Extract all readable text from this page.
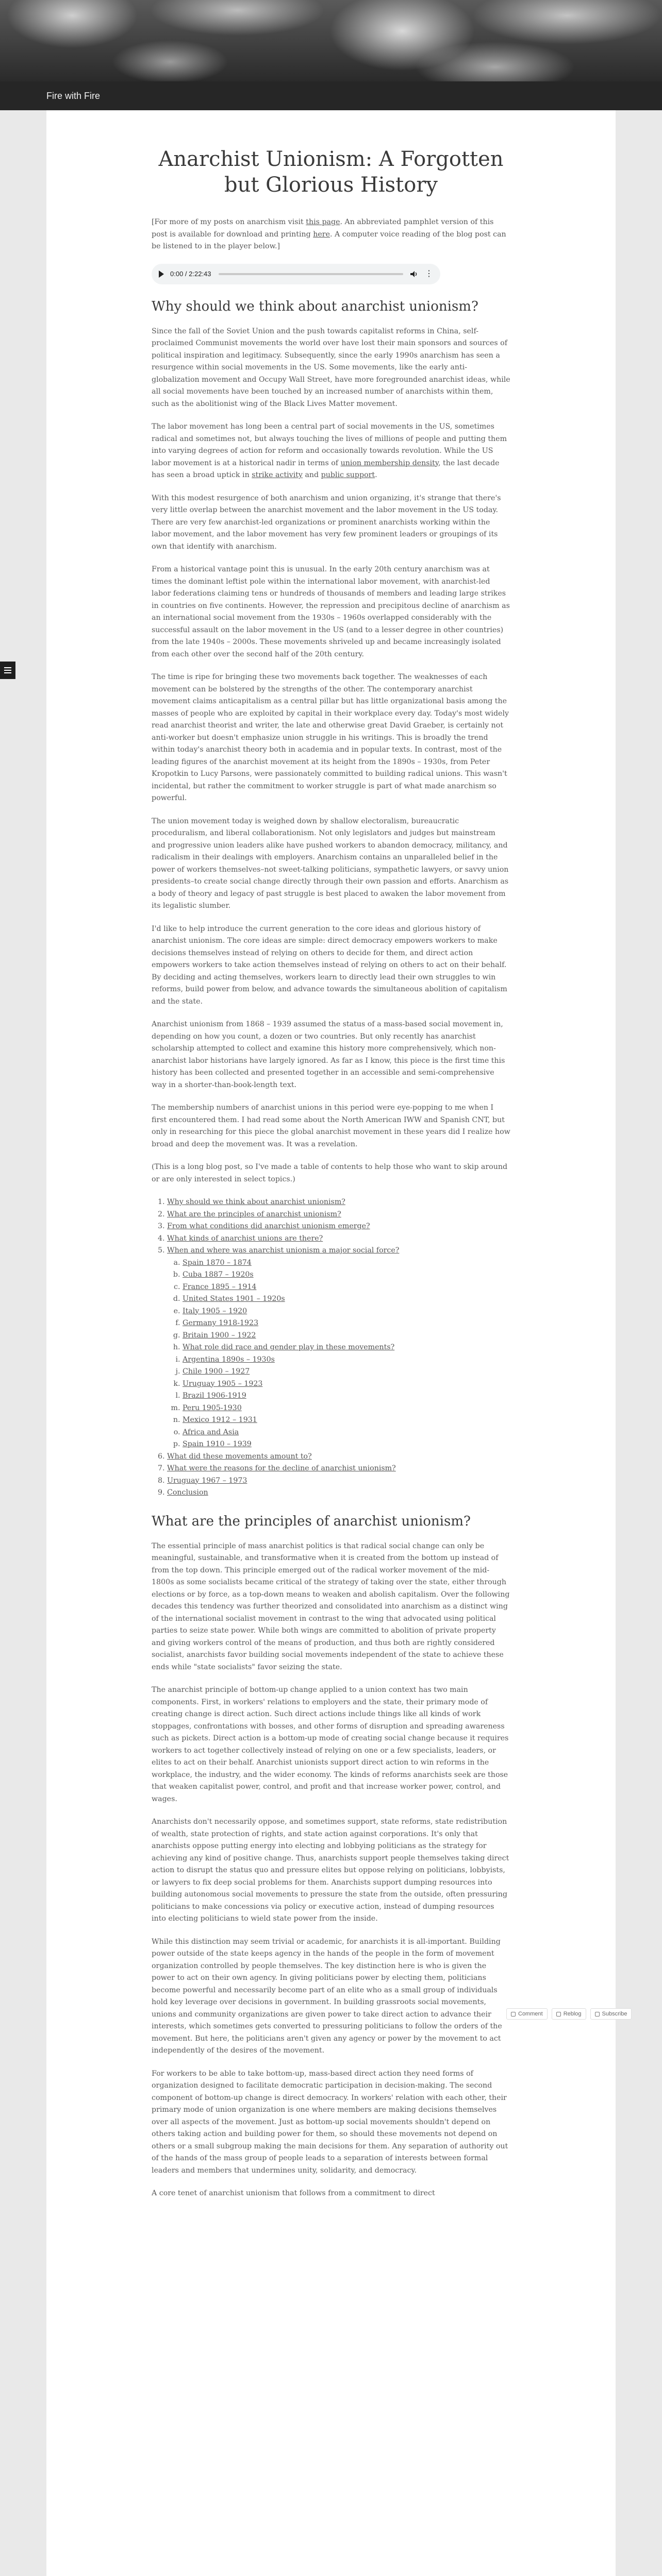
Fire with Fire
Anarchist Unionism: A Forgotten but Glorious History

[For more of my posts on anarchism visit this page. An abbreviated pamphlet version of this post is available for download and printing here. A computer voice reading of the blog post can be listened to in the player below.]

0:00 / 2:22:43	⋮
Why should we think about anarchist unionism?

Since the fall of the Soviet Union and the push towards capitalist reforms in China, self-proclaimed Communist movements the world over have lost their main sponsors and sources of political inspiration and legitimacy. Subsequently, since the early 1990s anarchism has seen a resurgence within social movements in the US. Some movements, like the early anti-globalization movement and Occupy Wall Street, have more foregrounded anarchist ideas, while all social movements have been touched by an increased number of anarchists within them, such as the abolitionist wing of the Black Lives Matter movement.

The labor movement has long been a central part of social movements in the US, sometimes radical and sometimes not, but always touching the lives of millions of people and putting them into varying degrees of action for reform and occasionally towards revolution. While the US labor movement is at a historical nadir in terms of union membership density, the last decade has seen a broad uptick in strike activity and public support.

With this modest resurgence of both anarchism and union organizing, it's strange that there's very little overlap between the anarchist movement and the labor movement in the US today. There are very few anarchist-led organizations or prominent anarchists working within the labor movement, and the labor movement has very few prominent leaders or groupings of its own that identify with anarchism.

From a historical vantage point this is unusual. In the early 20th century anarchism was at times the dominant leftist pole within the international labor movement, with anarchist-led labor federations claiming tens or hundreds of thousands of members and leading large strikes in countries on five continents. However, the repression and precipitous decline of anarchism as an international social movement from the 1930s – 1960s overlapped considerably with the successful assault on the labor movement in the US (and to a lesser degree in other countries) from the late 1940s – 2000s. These movements shriveled up and became increasingly isolated from each other over the second half of the 20th century.

The time is ripe for bringing these two movements back together. The weaknesses of each movement can be bolstered by the strengths of the other. The contemporary anarchist movement claims anticapitalism as a central pillar but has little organizational basis among the masses of people who are exploited by capital in their workplace every day. Today's most widely read anarchist theorist and writer, the late and otherwise great David Graeber, is certainly not anti-worker but doesn't emphasize union struggle in his writings. This is broadly the trend within today's anarchist theory both in academia and in popular texts. In contrast, most of the leading figures of the anarchist movement at its height from the 1890s – 1930s, from Peter Kropotkin to Lucy Parsons, were passionately committed to building radical unions. This wasn't incidental, but rather the commitment to worker struggle is part of what made anarchism so powerful.

The union movement today is weighed down by shallow electoralism, bureaucratic proceduralism, and liberal collaborationism. Not only legislators and judges but mainstream and progressive union leaders alike have pushed workers to abandon democracy, militancy, and radicalism in their dealings with employers. Anarchism contains an unparalleled belief in the power of workers themselves–not sweet-talking politicians, sympathetic lawyers, or savvy union presidents–to create social change directly through their own passion and efforts. Anarchism as a body of theory and legacy of past struggle is best placed to awaken the labor movement from its legalistic slumber.

I'd like to help introduce the current generation to the core ideas and glorious history of anarchist unionism. The core ideas are simple: direct democracy empowers workers to make decisions themselves instead of relying on others to decide for them, and direct action empowers workers to take action themselves instead of relying on others to act on their behalf. By deciding and acting themselves, workers learn to directly lead their own struggles to win reforms, build power from below, and advance towards the simultaneous abolition of capitalism and the state.

Anarchist unionism from 1868 – 1939 assumed the status of a mass-based social movement in, depending on how you count, a dozen or two countries. But only recently has anarchist scholarship attempted to collect and examine this history more comprehensively, which non-anarchist labor historians have largely ignored. As far as I know, this piece is the first time this history has been collected and presented together in an accessible and semi-comprehensive way in a shorter-than-book-length text.

The membership numbers of anarchist unions in this period were eye-popping to me when I first encountered them. I had read some about the North American IWW and Spanish CNT, but only in researching for this piece the global anarchist movement in these years did I realize how broad and deep the movement was. It was a revelation.

(This is a long blog post, so I've made a table of contents to help those who want to skip around or are only interested in select topics.)

1. Why should we think about anarchist unionism?
2. What are the principles of anarchist unionism?
3. From what conditions did anarchist unionism emerge?
4. What kinds of anarchist unions are there?
5. When and where was anarchist unionism a major social force?
a. Spain 1870 – 1874
b. Cuba 1887 – 1920s
c. France 1895 – 1914
d. United States 1901 – 1920s
e. Italy 1905 – 1920
f. Germany 1918-1923
g. Britain 1900 – 1922
h. What role did race and gender play in these movements?
i. Argentina 1890s – 1930s
j. Chile 1900 – 1927
k. Uruguay 1905 – 1923
l. Brazil 1906-1919
m. Peru 1905-1930
n. Mexico 1912 – 1931
o. Africa and Asia
p. Spain 1910 – 1939
6. What did these movements amount to?
7. What were the reasons for the decline of anarchist unionism?
8. Uruguay 1967 – 1973
9. Conclusion
What are the principles of anarchist unionism?

The essential principle of mass anarchist politics is that radical social change can only be meaningful, sustainable, and transformative when it is created from the bottom up instead of from the top down. This principle emerged out of the radical worker movement of the mid-1800s as some socialists became critical of the strategy of taking over the state, either through elections or by force, as a top-down means to weaken and abolish capitalism. Over the following decades this tendency was further theorized and consolidated into anarchism as a distinct wing of the international socialist movement in contrast to the wing that advocated using political parties to seize state power. While both wings are committed to abolition of private property and giving workers control of the means of production, and thus both are rightly considered socialist, anarchists favor building social movements independent of the state to achieve these ends while "state socialists" favor seizing the state.

The anarchist principle of bottom-up change applied to a union context has two main components. First, in workers' relations to employers and the state, their primary mode of creating change is direct action. Such direct actions include things like all kinds of work stoppages, confrontations with bosses, and other forms of disruption and spreading awareness such as pickets. Direct action is a bottom-up mode of creating social change because it requires workers to act together collectively instead of relying on one or a few specialists, leaders, or elites to act on their behalf. Anarchist unionists support direct action to win reforms in the workplace, the industry, and the wider economy. The kinds of reforms anarchists seek are those that weaken capitalist power, control, and profit and that increase worker power, control, and wages.

Anarchists don't necessarily oppose, and sometimes support, state reforms, state redistribution of wealth, state protection of rights, and state action against corporations. It's only that anarchists oppose putting energy into electing and lobbying politicians as the strategy for achieving any kind of positive change. Thus, anarchists support people themselves taking direct action to disrupt the status quo and pressure elites but oppose relying on politicians, lobbyists, or lawyers to fix deep social problems for them. Anarchists support dumping resources into building autonomous social movements to pressure the state from the outside, often pressuring politicians to make concessions via policy or executive action, instead of dumping resources into electing politicians to wield state power from the inside.

While this distinction may seem trivial or academic, for anarchists it is all-important. Building power outside of the state keeps agency in the hands of the people in the form of movement organization controlled by people themselves. The key distinction here is who is given the power to act on their own agency. In giving politicians power by electing them, politicians become powerful and necessarily become part of an elite who as a small group of individuals hold key leverage over decisions in government. In building grassroots social movements, unions and community organizations are given power to take direct action to advance their interests, which sometimes gets converted to pressuring politicians to follow the orders of the movement. But here, the politicians aren't given any agency or power by the movement to act independently of the desires of the movement.

For workers to be able to take bottom-up, mass-based direct action they need forms of organization designed to facilitate democratic participation in decision-making. The second component of bottom-up change is direct democracy. In workers' relation with each other, their primary mode of union organization is one where members are making decisions themselves over all aspects of the movement. Just as bottom-up social movements shouldn't depend on others taking action and building power for them, so should these movements not depend on others or a small subgroup making the main decisions for them. Any separation of authority out of the hands of the mass group of people leads to a separation of interests between formal leaders and members that undermines unity, solidarity, and democracy.

A core tenet of anarchist unionism that follows from a commitment to direct

Comment	Reblog	Subscribe
